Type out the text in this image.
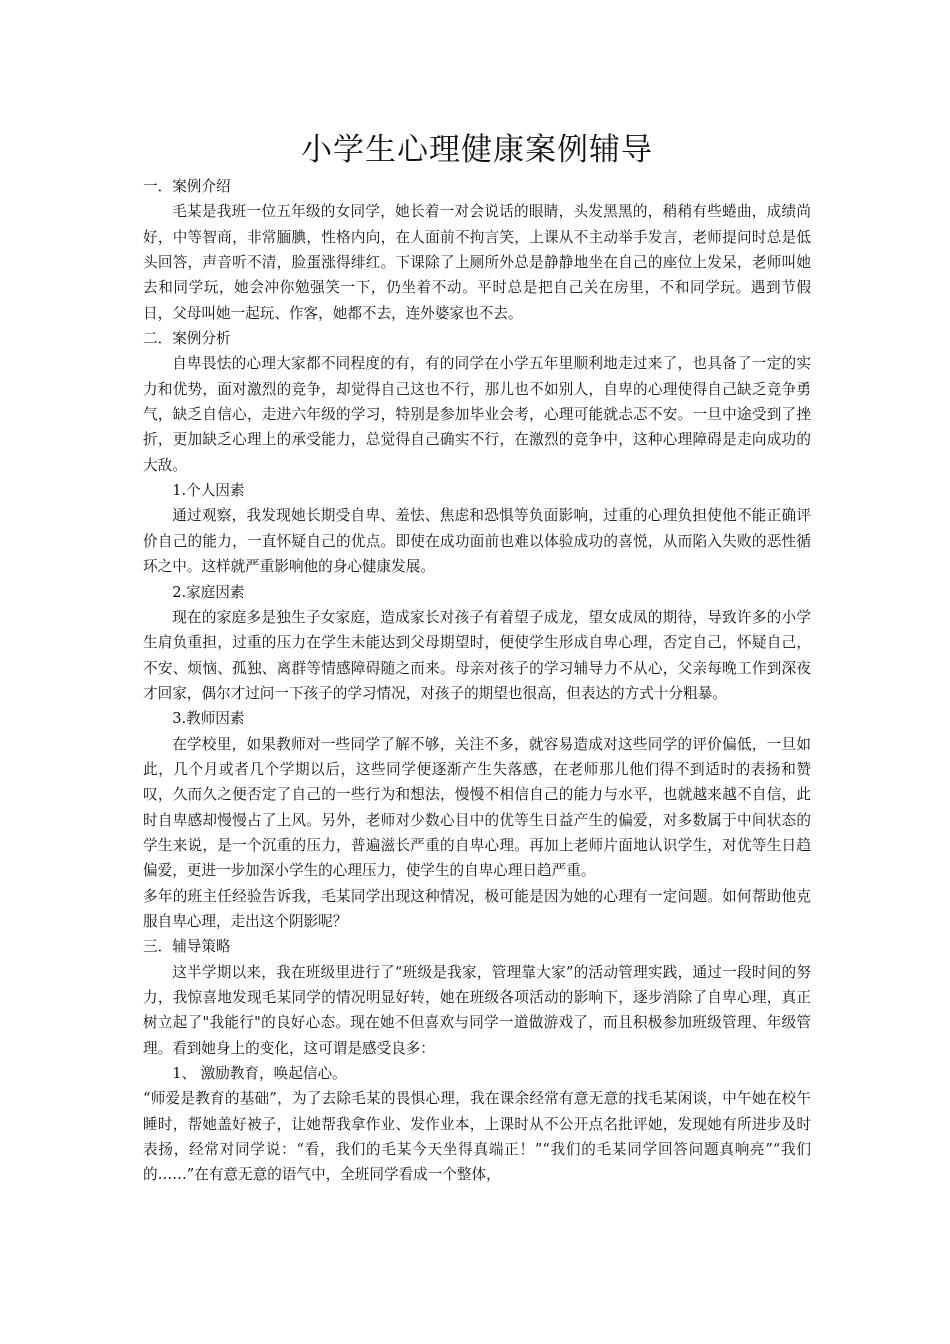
小学生心理健康案例辅导
一．案例介绍

毛某是我班一位五年级的女同学，她长着一对会说话的眼睛，头发黑黑的，稍稍有些蜷曲，成绩尚好，中等智商，非常腼腆，性格内向，在人面前不拘言笑，上课从不主动举手发言，老师提问时总是低头回答，声音听不清，脸蛋涨得绯红。下课除了上厕所外总是静静地坐在自己的座位上发呆，老师叫她去和同学玩，她会冲你勉强笑一下，仍坐着不动。平时总是把自己关在房里，不和同学玩。遇到节假日，父母叫她一起玩、作客，她都不去，连外婆家也不去。

二．案例分析

自卑畏怯的心理大家都不同程度的有，有的同学在小学五年里顺利地走过来了，也具备了一定的实力和优势，面对激烈的竞争，却觉得自己这也不行，那儿也不如别人，自卑的心理使得自己缺乏竞争勇气，缺乏自信心，走进六年级的学习，特别是参加毕业会考，心理可能就忐忑不安。一旦中途受到了挫折，更加缺乏心理上的承受能力，总觉得自己确实不行，在激烈的竞争中，这种心理障碍是走向成功的大敌。

1.个人因素

通过观察，我发现她长期受自卑、羞怯、焦虑和恐惧等负面影响，过重的心理负担使他不能正确评价自己的能力，一直怀疑自己的优点。即使在成功面前也难以体验成功的喜悦，从而陷入失败的恶性循环之中。这样就严重影响他的身心健康发展。

2.家庭因素

现在的家庭多是独生子女家庭，造成家长对孩子有着望子成龙，望女成凤的期待，导致许多的小学生肩负重担，过重的压力在学生未能达到父母期望时，便使学生形成自卑心理，否定自己，怀疑自己，不安、烦恼、孤独、离群等情感障碍随之而来。母亲对孩子的学习辅导力不从心，父亲每晚工作到深夜才回家，偶尔才过问一下孩子的学习情况，对孩子的期望也很高，但表达的方式十分粗暴。

3.教师因素

在学校里，如果教师对一些同学了解不够，关注不多，就容易造成对这些同学的评价偏低，一旦如此，几个月或者几个学期以后，这些同学便逐渐产生失落感，在老师那儿他们得不到适时的表扬和赞叹，久而久之便否定了自己的一些行为和想法，慢慢不相信自己的能力与水平，也就越来越不自信，此时自卑感却慢慢占了上风。另外，老师对少数心目中的优等生日益产生的偏爱，对多数属于中间状态的学生来说，是一个沉重的压力，普遍滋长严重的自卑心理。再加上老师片面地认识学生，对优等生日趋偏爱，更进一步加深小学生的心理压力，使学生的自卑心理日趋严重。

多年的班主任经验告诉我，毛某同学出现这种情况，极可能是因为她的心理有一定问题。如何帮助他克服自卑心理，走出这个阴影呢？

三．辅导策略

这半学期以来，我在班级里进行了“班级是我家，管理靠大家”的活动管理实践，通过一段时间的努力，我惊喜地发现毛某同学的情况明显好转，她在班级各项活动的影响下，逐步消除了自卑心理，真正树立起了"我能行"的良好心态。现在她不但喜欢与同学一道做游戏了，而且积极参加班级管理、年级管理。看到她身上的变化，这可谓是感受良多：

1、 激励教育，唤起信心。

“师爱是教育的基础”，为了去除毛某的畏惧心理，我在课余经常有意无意的找毛某闲谈，中午她在校午睡时，帮她盖好被子，让她帮我拿作业、发作业本，上课时从不公开点名批评她，发现她有所进步及时表扬，经常对同学说：“看，我们的毛某今天坐得真端正！”“我们的毛某同学回答问题真响亮”“我们的……”在有意无意的语气中，全班同学看成一个整体，
